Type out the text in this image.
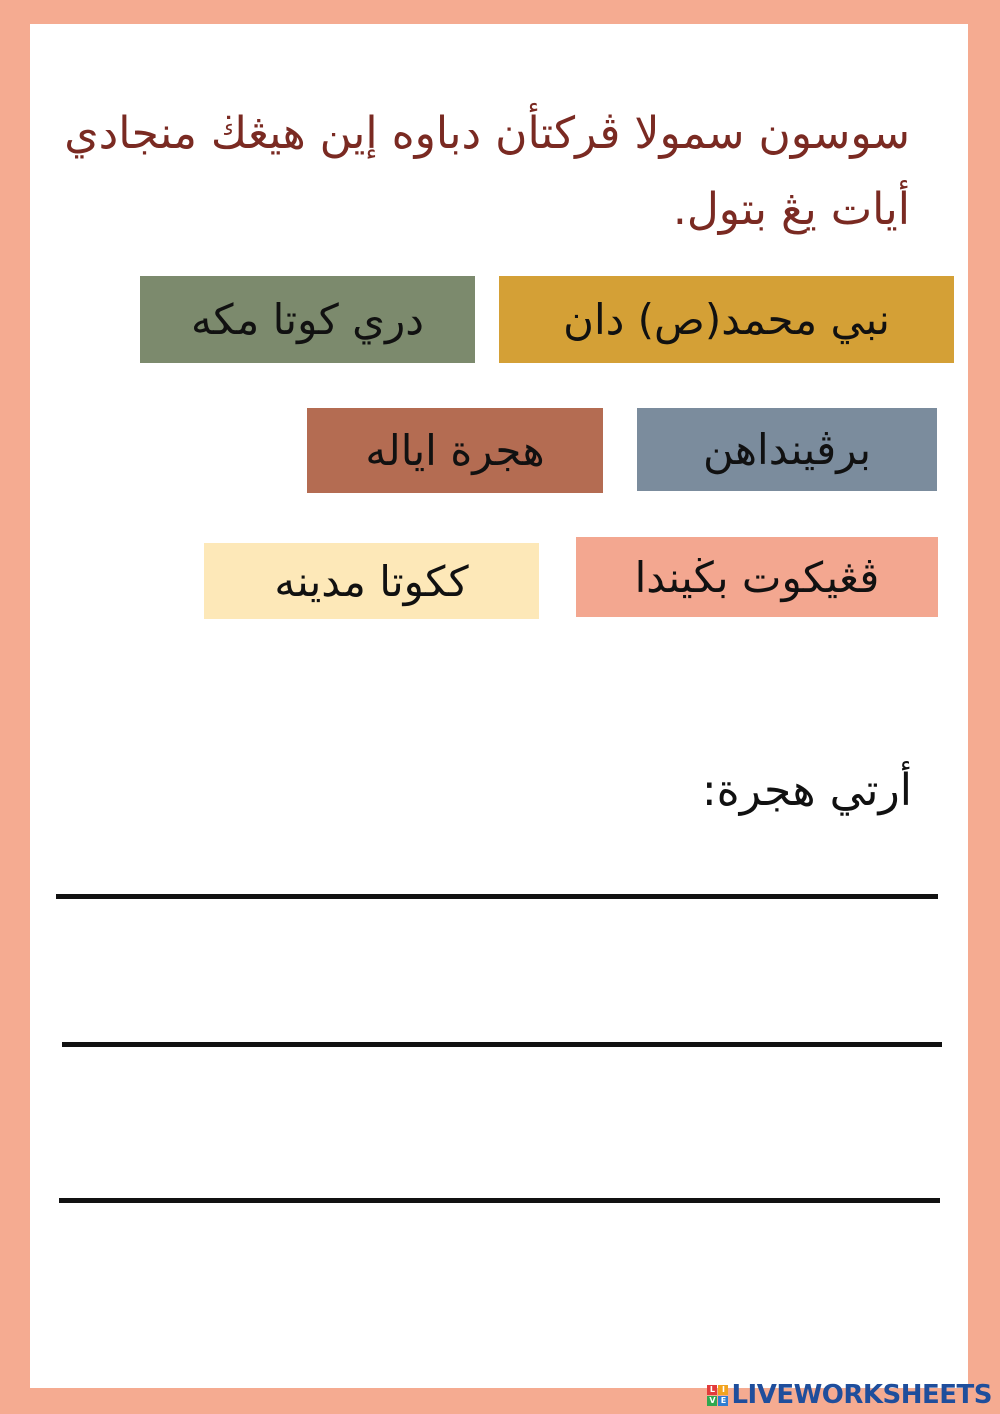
سوسون سمولا ڤركتأن دباوه إين هيڠڬ منجادي أيات يڠ بتول.

نبي محمد(ص) دان
دري كوتا مكه
برڤينداهن
هجرة اياله
ڤڠيكوت بڬيندا
ككوتا مدينه

أرتي هجرة:

L I
V E LIVEWORKSHEETS
